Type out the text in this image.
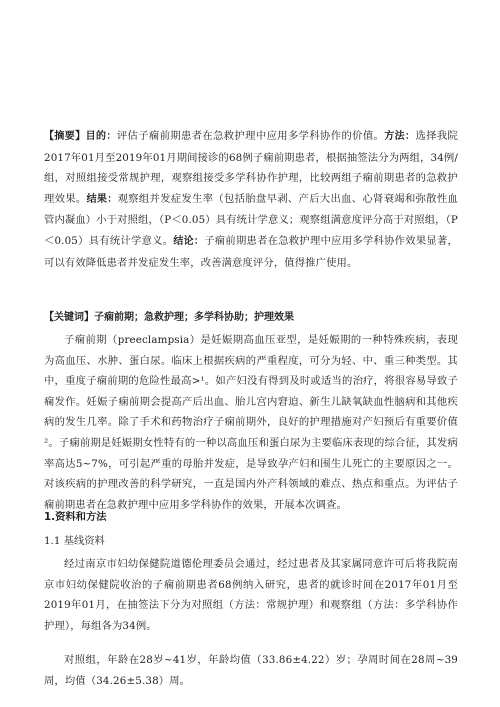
【摘要】目的：评估子痫前期患者在急救护理中应用多学科协作的价值。方法：选择我院2017年01月至2019年01月期间接诊的68例子痫前期患者，根据抽签法分为两组，34例/组，对照组接受常规护理，观察组接受多学科协作护理，比较两组子痫前期患者的急救护理效果。结果：观察组并发症发生率（包括胎盘早剥、产后大出血、心肾衰竭和弥散性血管内凝血）小于对照组，（P＜0.05）具有统计学意义；观察组满意度评分高于对照组，（P＜0.05）具有统计学意义。结论：子痫前期患者在急救护理中应用多学科协作效果显著，可以有效降低患者并发症发生率，改善满意度评分，值得推广使用。

【关键词】子痫前期；急救护理；多学科协助；护理效果

子痫前期（preeclampsia）是妊娠期高血压亚型，是妊娠期的一种特殊疾病，表现为高血压、水肿、蛋白尿。临床上根据疾病的严重程度，可分为轻、中、重三种类型。其中，重度子痫前期的危险性最高>¹。如产妇没有得到及时或适当的治疗，将很容易导致子痫发作。妊娠子痫前期会提高产后出血、胎儿宫内窘迫、新生儿缺氧缺血性脑病和其他疾病的发生几率。除了手术和药物治疗子痫前期外，良好的护理措施对产妇预后有重要价值²。子痫前期是妊娠期女性特有的一种以高血压和蛋白尿为主要临床表现的综合征，其发病率高达5~7%，可引起严重的母胎并发症，是导致孕产妇和围生儿死亡的主要原因之一。对该疾病的护理改善的科学研究，一直是国内外产科领域的难点、热点和重点。为评估子痫前期患者在急救护理中应用多学科协作的效果，开展本次调查。

1.资料和方法
1.1 基线资料

经过南京市妇幼保健院道德伦理委员会通过，经过患者及其家属同意许可后将我院南京市妇幼保健院收治的子痫前期患者68例纳入研究，患者的就诊时间在2017年01月至2019年01月，在抽签法下分为对照组（方法：常规护理）和观察组（方法：多学科协作护理），每组各为34例。

对照组，年龄在28岁~41岁，年龄均值（33.86±4.22）岁；孕周时间在28周~39周，均值（34.26±5.38）周。
